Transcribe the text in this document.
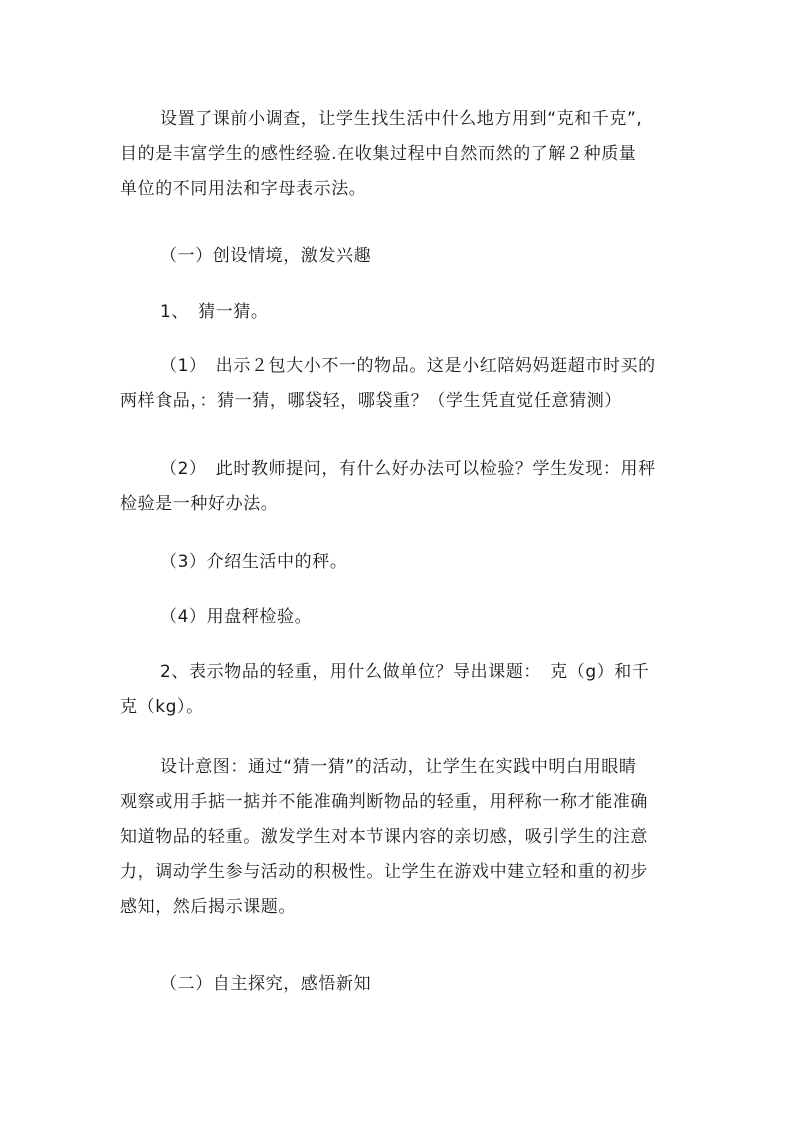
设置了课前小调查，让学生找生活中什么地方用到“克和千克”,
目的是丰富学生的感性经验.在收集过程中自然而然的了解２种质量
单位的不同用法和字母表示法。
（一）创设情境，激发兴趣
1、　猜一猜。
（1）　出示２包大小不一的物品。这是小红陪妈妈逛超市时买的
两样食品，：猜一猜，哪袋轻，哪袋重？（学生凭直觉任意猜测）
（2）　此时教师提问，有什么好办法可以检验？学生发现：用秤
检验是一种好办法。
（3）介绍生活中的秤。
（4）用盘秤检验。
2、表示物品的轻重，用什么做单位？导出课题：　克（g）和千
克（kg）。
设计意图：通过“猜一猜”的活动，让学生在实践中明白用眼睛
观察或用手掂一掂并不能准确判断物品的轻重，用秤称一称才能准确
知道物品的轻重。激发学生对本节课内容的亲切感，吸引学生的注意
力，调动学生参与活动的积极性。让学生在游戏中建立轻和重的初步
感知，然后揭示课题。
（二）自主探究，感悟新知
